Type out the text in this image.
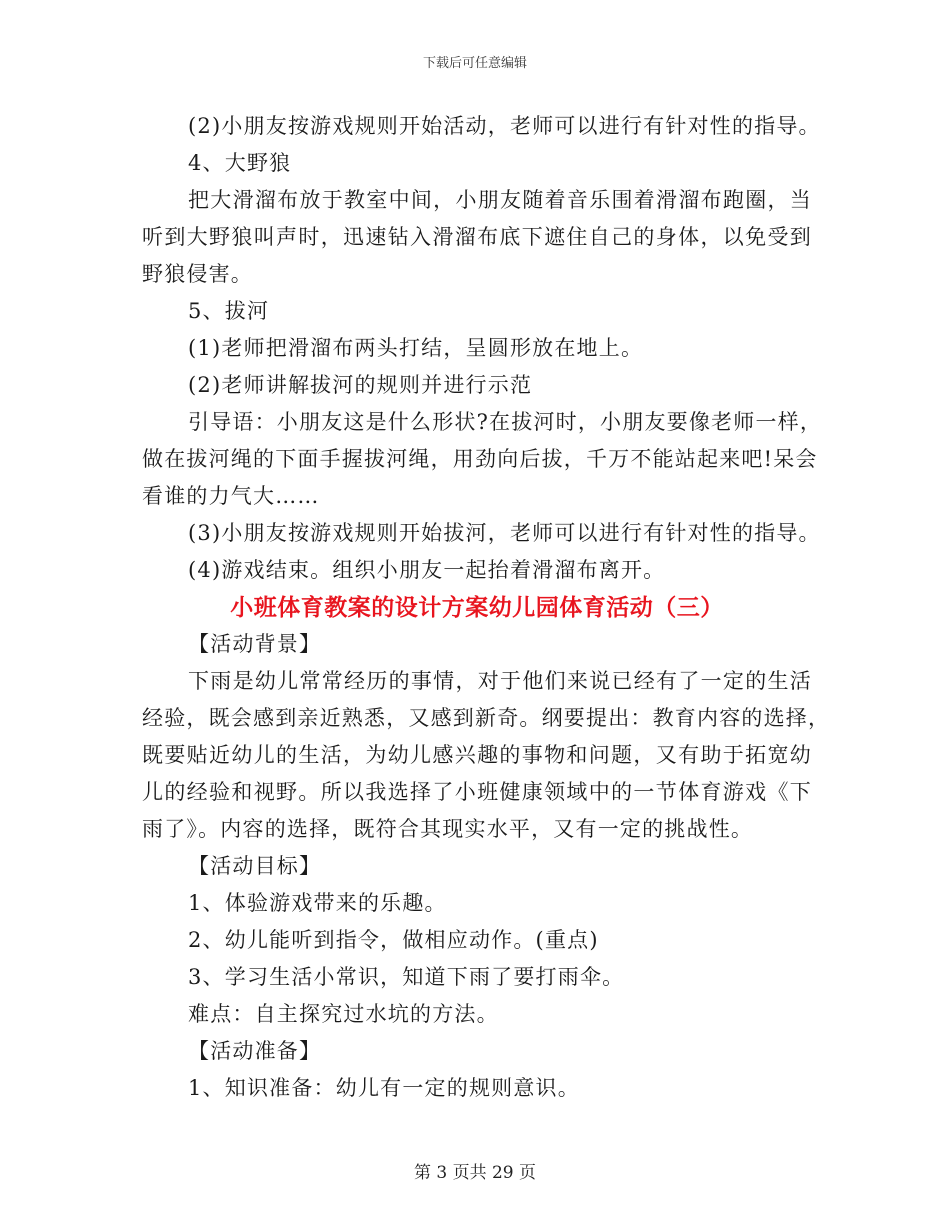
下载后可任意编辑
(2)小朋友按游戏规则开始活动，老师可以进行有针对性的指导。
4、大野狼
把大滑溜布放于教室中间，小朋友随着音乐围着滑溜布跑圈，当
听到大野狼叫声时，迅速钻入滑溜布底下遮住自己的身体，以免受到
野狼侵害。
5、拔河
(1)老师把滑溜布两头打结，呈圆形放在地上。
(2)老师讲解拔河的规则并进行示范
引导语：小朋友这是什么形状?在拔河时，小朋友要像老师一样，
做在拔河绳的下面手握拔河绳，用劲向后拔，千万不能站起来吧!呆会
看谁的力气大……
(3)小朋友按游戏规则开始拔河，老师可以进行有针对性的指导。
(4)游戏结束。组织小朋友一起抬着滑溜布离开。
小班体育教案的设计方案幼儿园体育活动（三）
【活动背景】
下雨是幼儿常常经历的事情，对于他们来说已经有了一定的生活
经验，既会感到亲近熟悉，又感到新奇。纲要提出：教育内容的选择，
既要贴近幼儿的生活，为幼儿感兴趣的事物和问题，又有助于拓宽幼
儿的经验和视野。所以我选择了小班健康领域中的一节体育游戏《下
雨了》。内容的选择，既符合其现实水平，又有一定的挑战性。
【活动目标】
1、体验游戏带来的乐趣。
2、幼儿能听到指令，做相应动作。(重点)
3、学习生活小常识，知道下雨了要打雨伞。
难点：自主探究过水坑的方法。
【活动准备】
1、知识准备：幼儿有一定的规则意识。
第 3 页共 29 页
